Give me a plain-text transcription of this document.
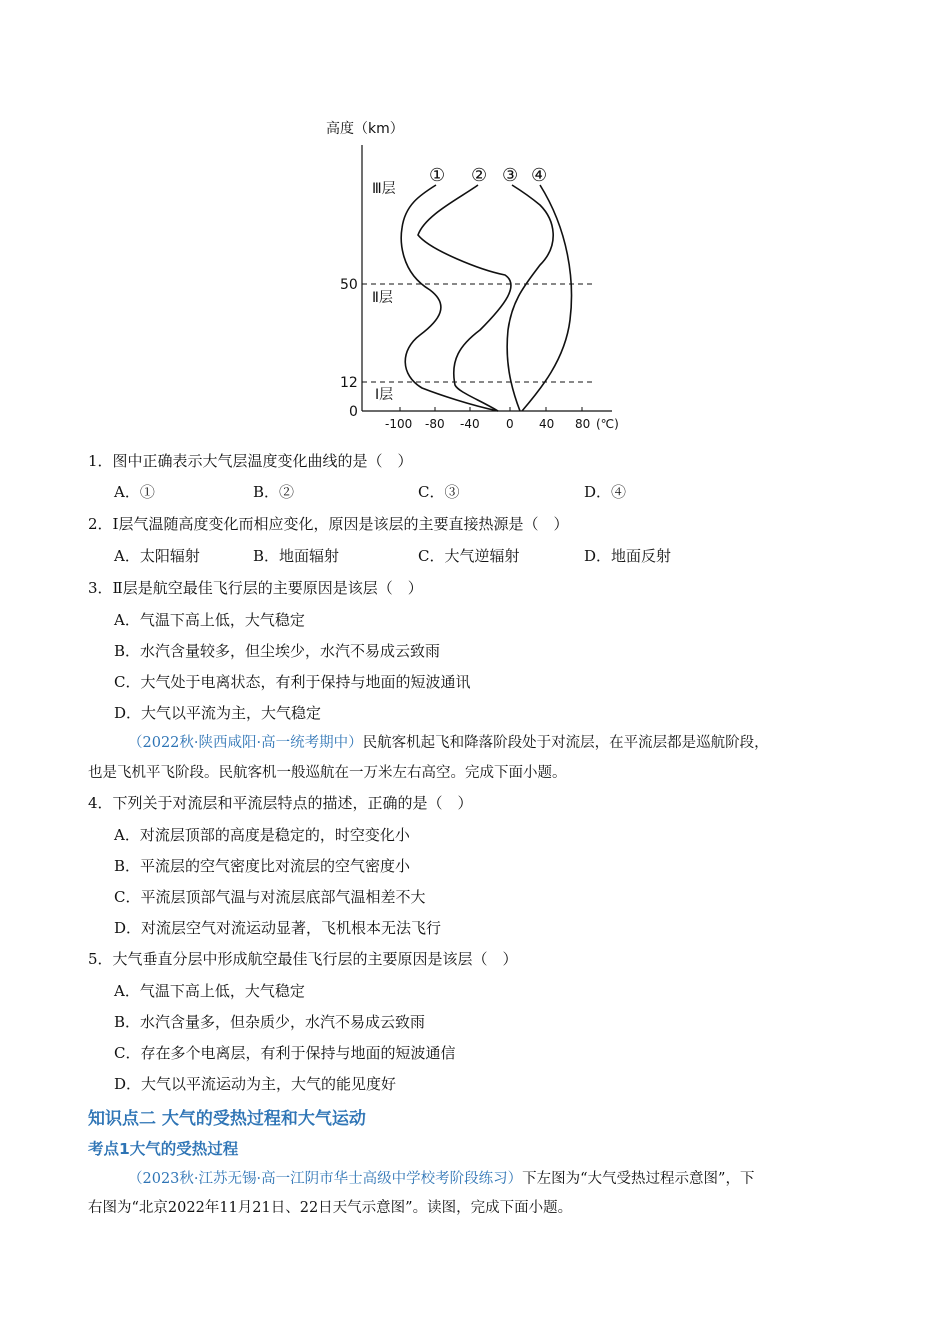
高度（km）
0
12
50
-100 -80 -40 0 40 80 (℃)
Ⅲ层
Ⅱ层
Ⅰ层
① ② ③ ④
1．图中正确表示大气层温度变化曲线的是（　）
A．①	B．②	C．③	D．④
2．Ⅰ层气温随高度变化而相应变化，原因是该层的主要直接热源是（　）
A．太阳辐射	B．地面辐射	C．大气逆辐射	D．地面反射
3．Ⅱ层是航空最佳飞行层的主要原因是该层（　）
A．气温下高上低，大气稳定
B．水汽含量较多，但尘埃少，水汽不易成云致雨
C．大气处于电离状态，有利于保持与地面的短波通讯
D．大气以平流为主，大气稳定
（2022秋·陕西咸阳·高一统考期中）民航客机起飞和降落阶段处于对流层，在平流层都是巡航阶段，
也是飞机平飞阶段。民航客机一般巡航在一万米左右高空。完成下面小题。
4．下列关于对流层和平流层特点的描述，正确的是（　）
A．对流层顶部的高度是稳定的，时空变化小
B．平流层的空气密度比对流层的空气密度小
C．平流层顶部气温与对流层底部气温相差不大
D．对流层空气对流运动显著，飞机根本无法飞行
5．大气垂直分层中形成航空最佳飞行层的主要原因是该层（　）
A．气温下高上低，大气稳定
B．水汽含量多，但杂质少，水汽不易成云致雨
C．存在多个电离层，有利于保持与地面的短波通信
D．大气以平流运动为主，大气的能见度好
知识点二 大气的受热过程和大气运动
考点1大气的受热过程
（2023秋·江苏无锡·高一江阴市华士高级中学校考阶段练习）下左图为“大气受热过程示意图”，下
右图为“北京2022年11月21日、22日天气示意图”。读图，完成下面小题。
